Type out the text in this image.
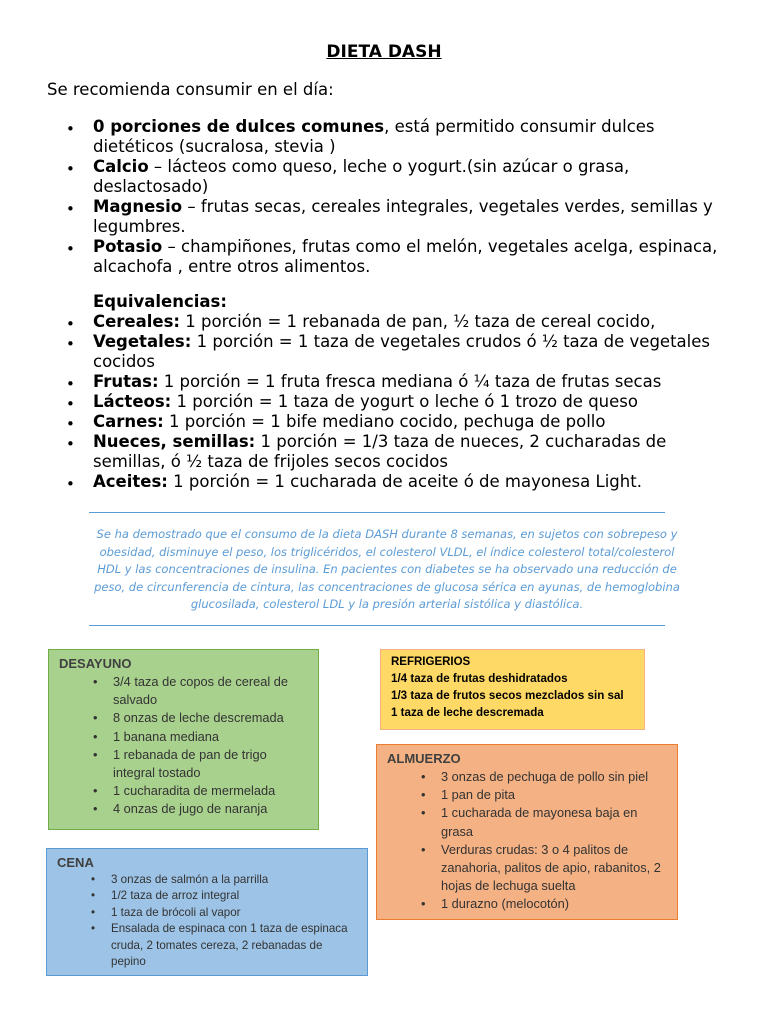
DIETA DASH
Se recomienda consumir en el día:
• 0 porciones de dulces comunes, está permitido consumir dulces dietéticos (sucralosa, stevia )
• Calcio – lácteos como queso, leche o yogurt.(sin azúcar o grasa, deslactosado)
• Magnesio – frutas secas, cereales integrales, vegetales verdes, semillas y legumbres.
• Potasio – champiñones, frutas como el melón, vegetales acelga, espinaca, alcachofa , entre otros alimentos.
Equivalencias:
• Cereales: 1 porción = 1 rebanada de pan, ½ taza de cereal cocido,
• Vegetales: 1 porción = 1 taza de vegetales crudos ó ½ taza de vegetales cocidos
• Frutas: 1 porción = 1 fruta fresca mediana ó ¼ taza de frutas secas
• Lácteos: 1 porción = 1 taza de yogurt o leche ó 1 trozo de queso
• Carnes: 1 porción = 1 bife mediano cocido, pechuga de pollo
• Nueces, semillas: 1 porción = 1/3 taza de nueces, 2 cucharadas de semillas, ó ½ taza de frijoles secos cocidos
• Aceites: 1 porción = 1 cucharada de aceite ó de mayonesa Light.
Se ha demostrado que el consumo de la dieta DASH durante 8 semanas, en sujetos con sobrepeso y obesidad, disminuye el peso, los triglicéridos, el colesterol VLDL, el índice colesterol total/colesterol HDL y las concentraciones de insulina. En pacientes con diabetes se ha observado una reducción de peso, de circunferencia de cintura, las concentraciones de glucosa sérica en ayunas, de hemoglobina glucosilada, colesterol LDL y la presión arterial sistólica y diastólica.
DESAYUNO
• 3/4 taza de copos de cereal de salvado
• 8 onzas de leche descremada
• 1 banana mediana
• 1 rebanada de pan de trigo integral tostado
• 1 cucharadita de mermelada
• 4 onzas de jugo de naranja
REFRIGERIOS
1/4 taza de frutas deshidratados
1/3 taza de frutos secos mezclados sin sal
1 taza de leche descremada
ALMUERZO
• 3 onzas de pechuga de pollo sin piel
• 1 pan de pita
• 1 cucharada de mayonesa baja en grasa
• Verduras crudas: 3 o 4 palitos de zanahoria, palitos de apio, rabanitos, 2 hojas de lechuga suelta
• 1 durazno (melocotón)
CENA
• 3 onzas de salmón a la parrilla
• 1/2 taza de arroz integral
• 1 taza de brócoli al vapor
• Ensalada de espinaca con 1 taza de espinaca cruda, 2 tomates cereza, 2 rebanadas de pepino
